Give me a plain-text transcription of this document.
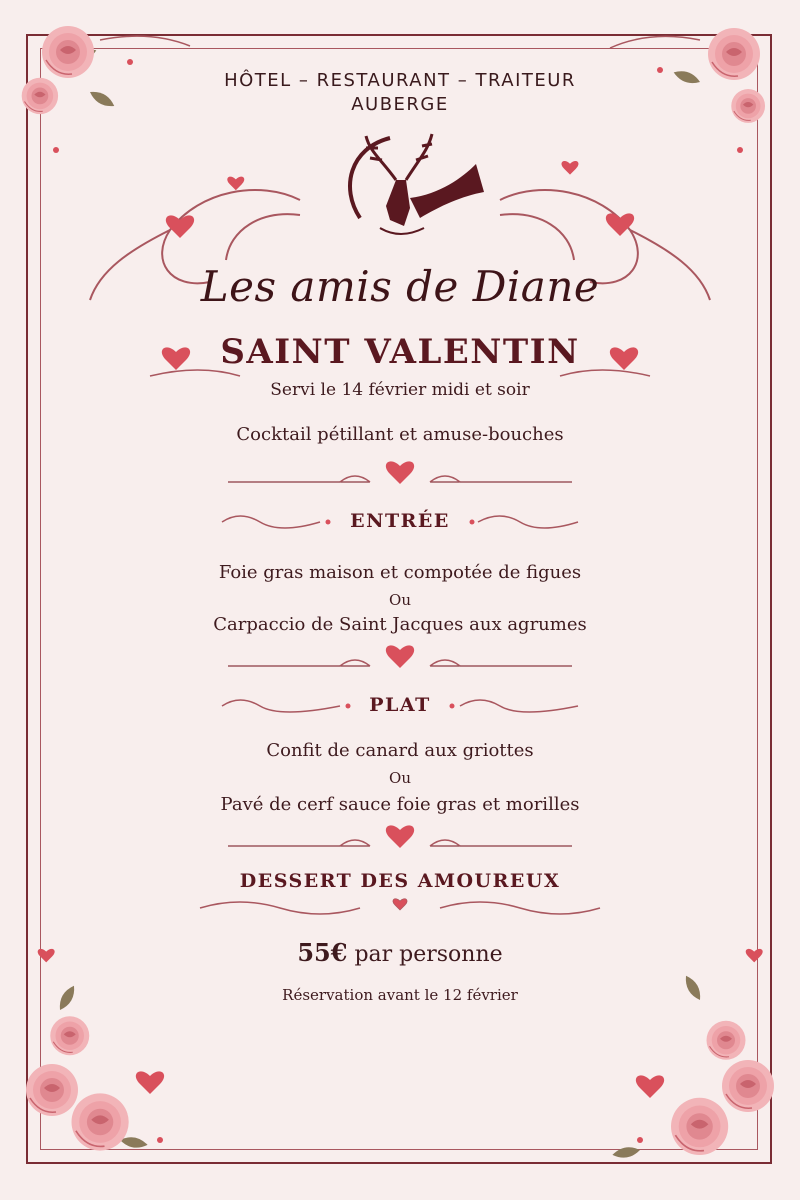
HÔTEL – RESTAURANT – TRAITEUR
AUBERGE
Les amis de Diane
SAINT VALENTIN
Servi le 14 février midi et soir
Cocktail pétillant et amuse-bouches
ENTRÉE
Foie gras maison et compotée de figues
Ou
Carpaccio de Saint Jacques aux agrumes
PLAT
Confit de canard aux griottes
Ou
Pavé de cerf sauce foie gras et morilles
DESSERT DES AMOUREUX
55€ par personne
Réservation avant le 12 février
